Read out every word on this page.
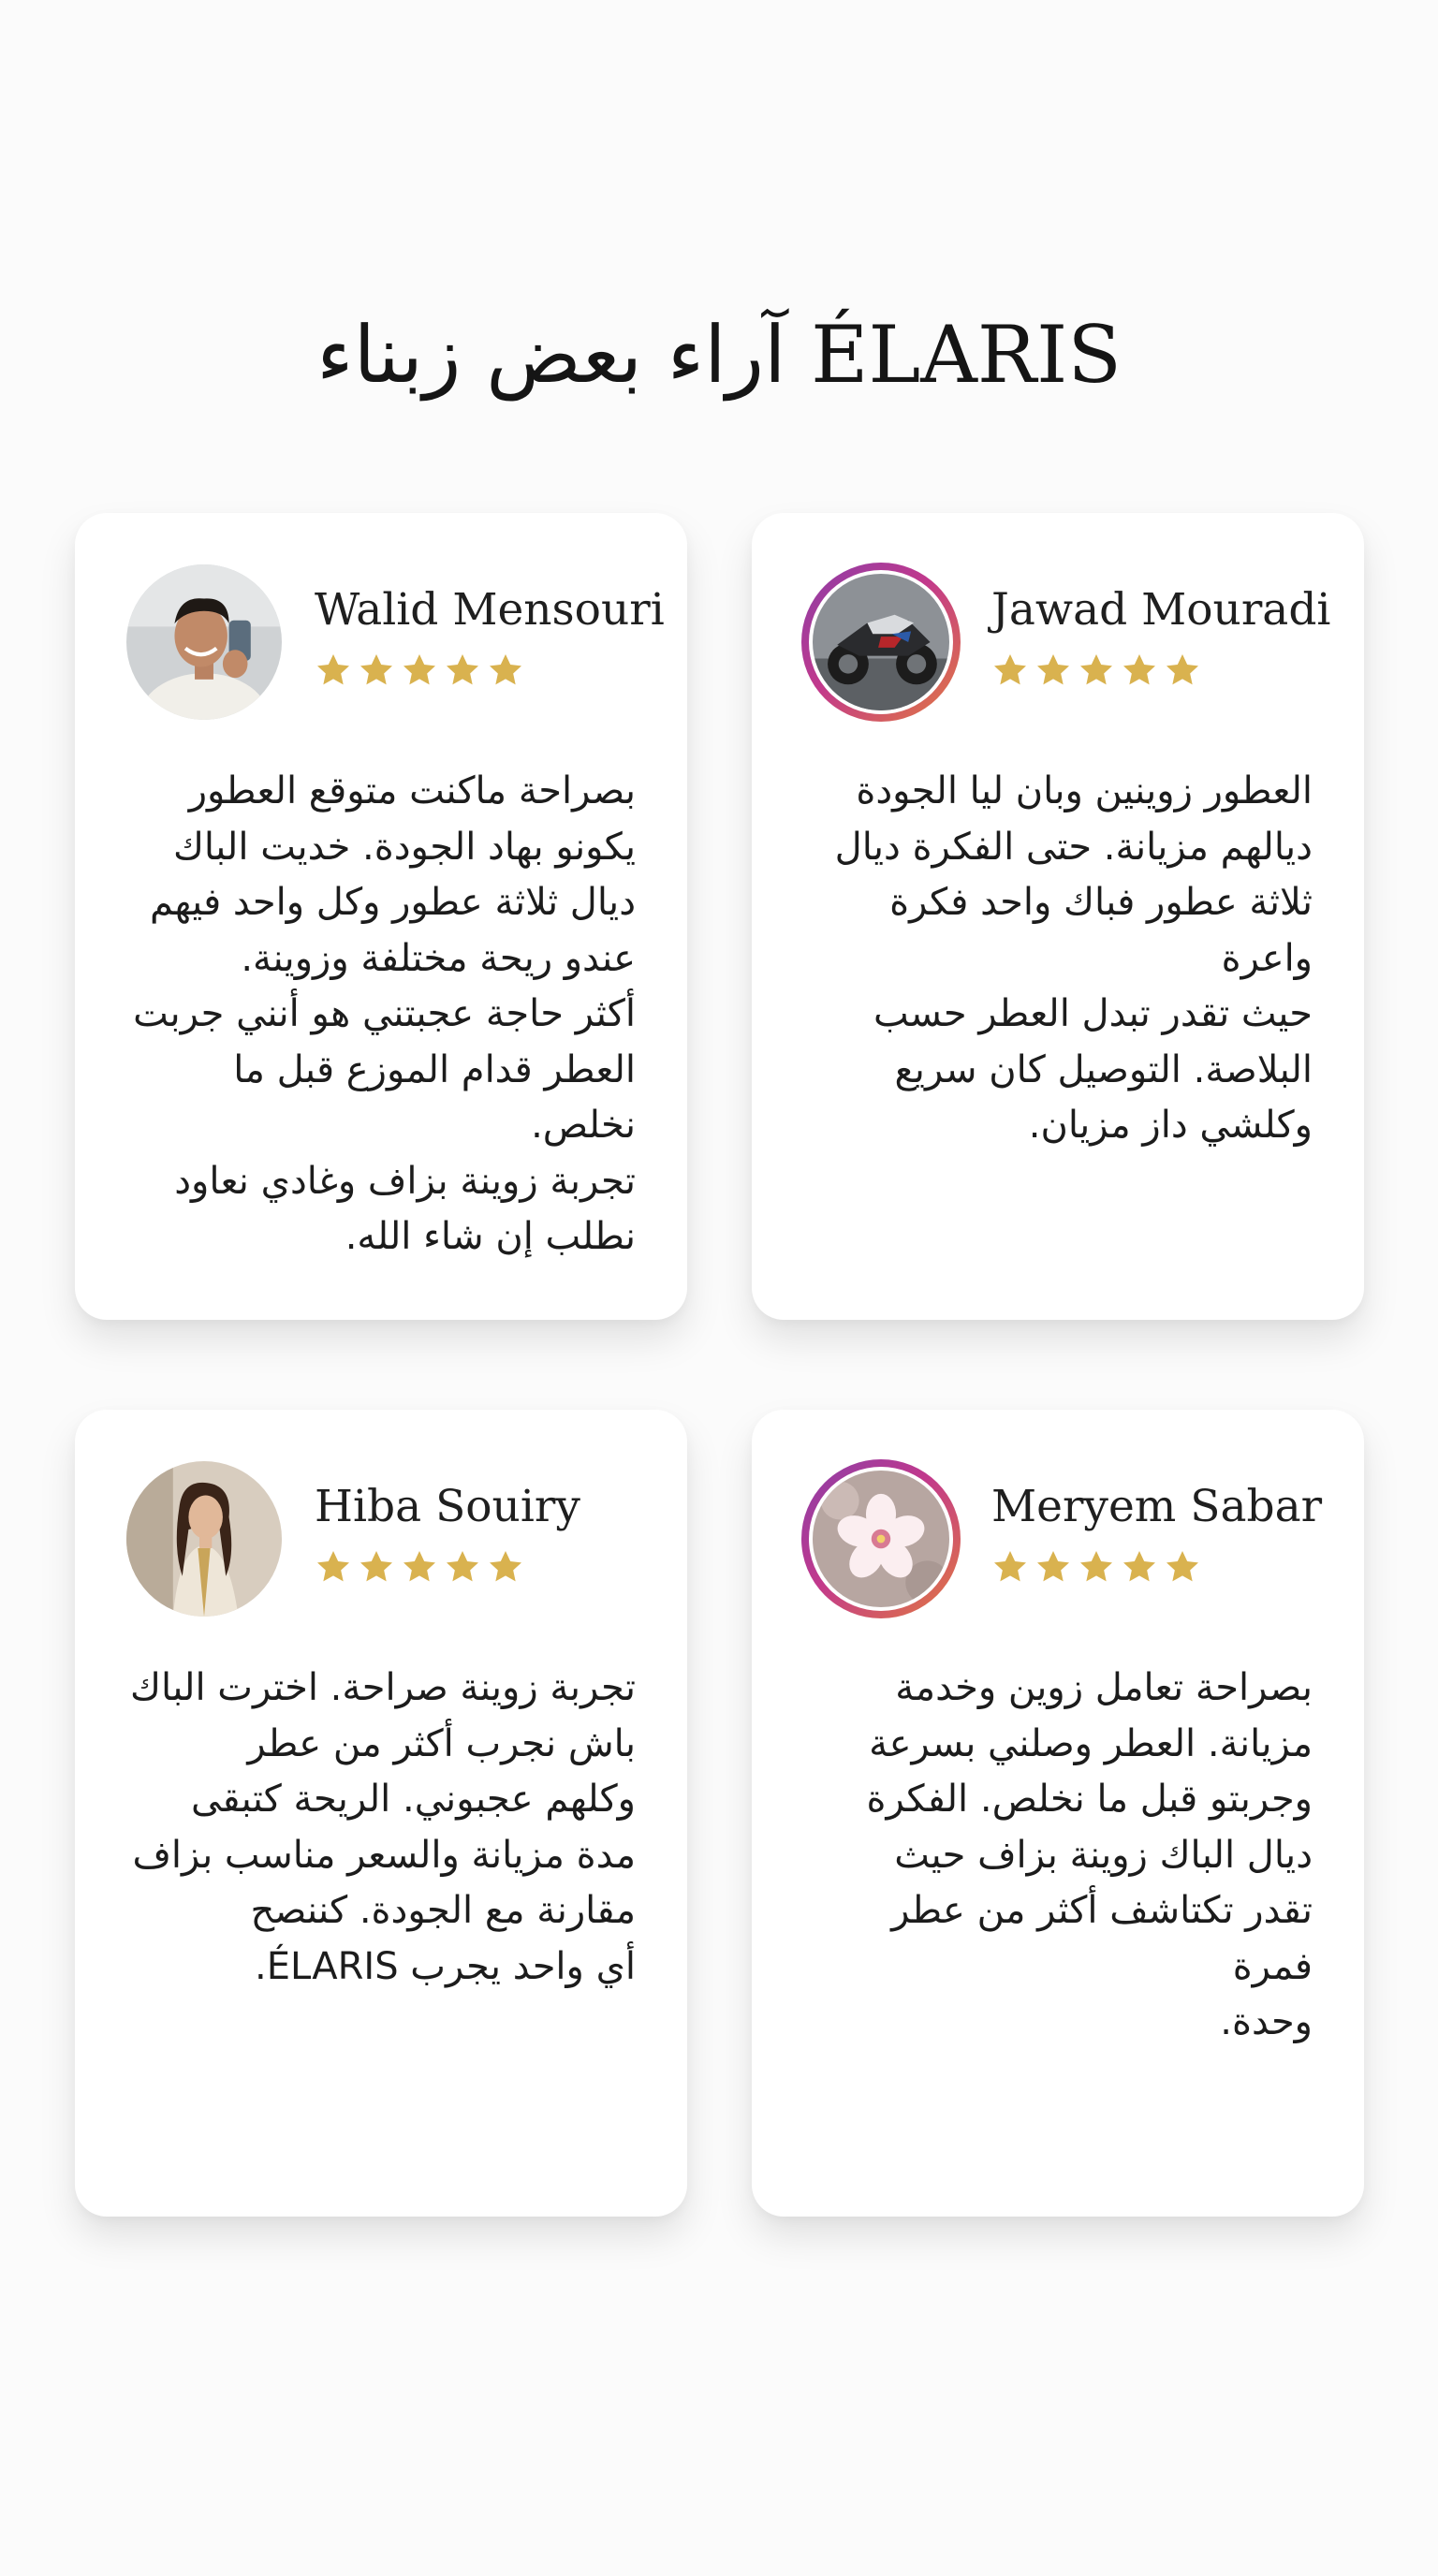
آراء بعض زبناء ÉLARIS
Walid Mensouri
بصراحة ماكنت متوقع العطور
يكونو بهاد الجودة. خديت الباك
ديال ثلاثة عطور وكل واحد فيهم
عندو ريحة مختلفة وزوينة.
أكثر حاجة عجبتني هو أنني جربت
العطر قدام الموزع قبل ما نخلص.
تجربة زوينة بزاف وغادي نعاود
نطلب إن شاء الله.
Jawad Mouradi
العطور زوينين وبان ليا الجودة
ديالهم مزيانة. حتى الفكرة ديال
ثلاثة عطور فباك واحد فكرة واعرة
حيث تقدر تبدل العطر حسب
البلاصة. التوصيل كان سريع
وكلشي داز مزيان.
Hiba Souiry
تجربة زوينة صراحة. اخترت الباك
باش نجرب أكثر من عطر
وكلهم عجبوني. الريحة كتبقى
مدة مزيانة والسعر مناسب بزاف
مقارنة مع الجودة. كننصح
أي واحد يجرب ÉLARIS.
Meryem Sabar
بصراحة تعامل زوين وخدمة
مزيانة. العطر وصلني بسرعة
وجربتو قبل ما نخلص. الفكرة
ديال الباك زوينة بزاف حيث
تقدر تكتاشف أكثر من عطر فمرة
وحدة.
